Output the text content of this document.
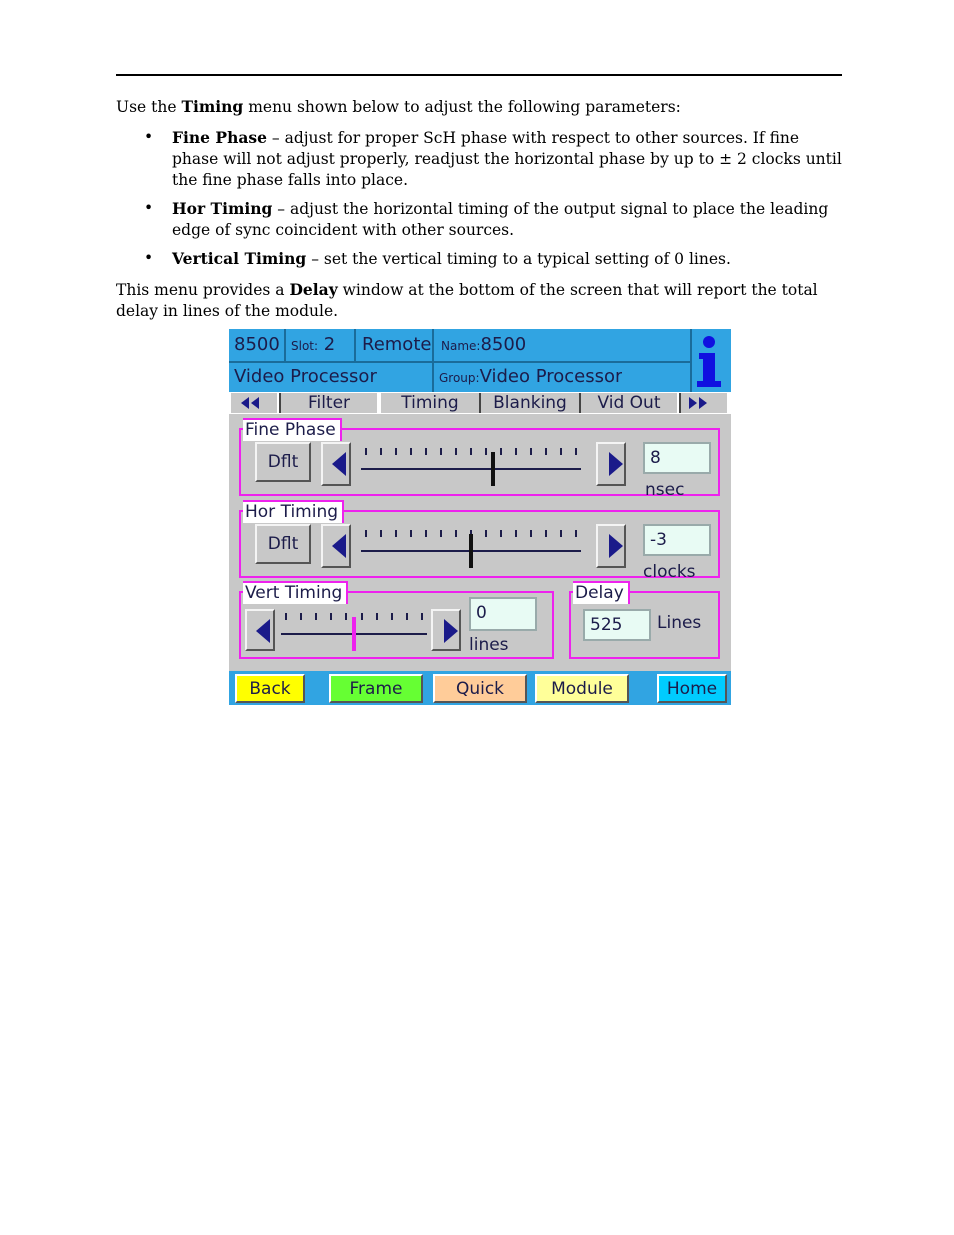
Use the Timing menu shown below to adjust the following parameters:

• Fine Phase – adjust for proper ScH phase with respect to other sources. If fine phase will not adjust properly, readjust the horizontal phase by up to ± 2 clocks until the fine phase falls into place.
• Hor Timing – adjust the horizontal timing of the output signal to place the leading edge of sync coincident with other sources.
• Vertical Timing – set the vertical timing to a typical setting of 0 lines.

This menu provides a Delay window at the bottom of the screen that will report the total delay in lines of the module.

8500 Slot: 2 Remote Name:8500
Video Processor	Group:Video Processor
Filter	Timing	Blanking	Vid Out
Fine Phase
Dflt	8
nsec
Hor Timing
Dflt	-3
clocks
Vert Timing
0
lines
Delay
525	Lines
Back	Frame	Quick	Module	Home
